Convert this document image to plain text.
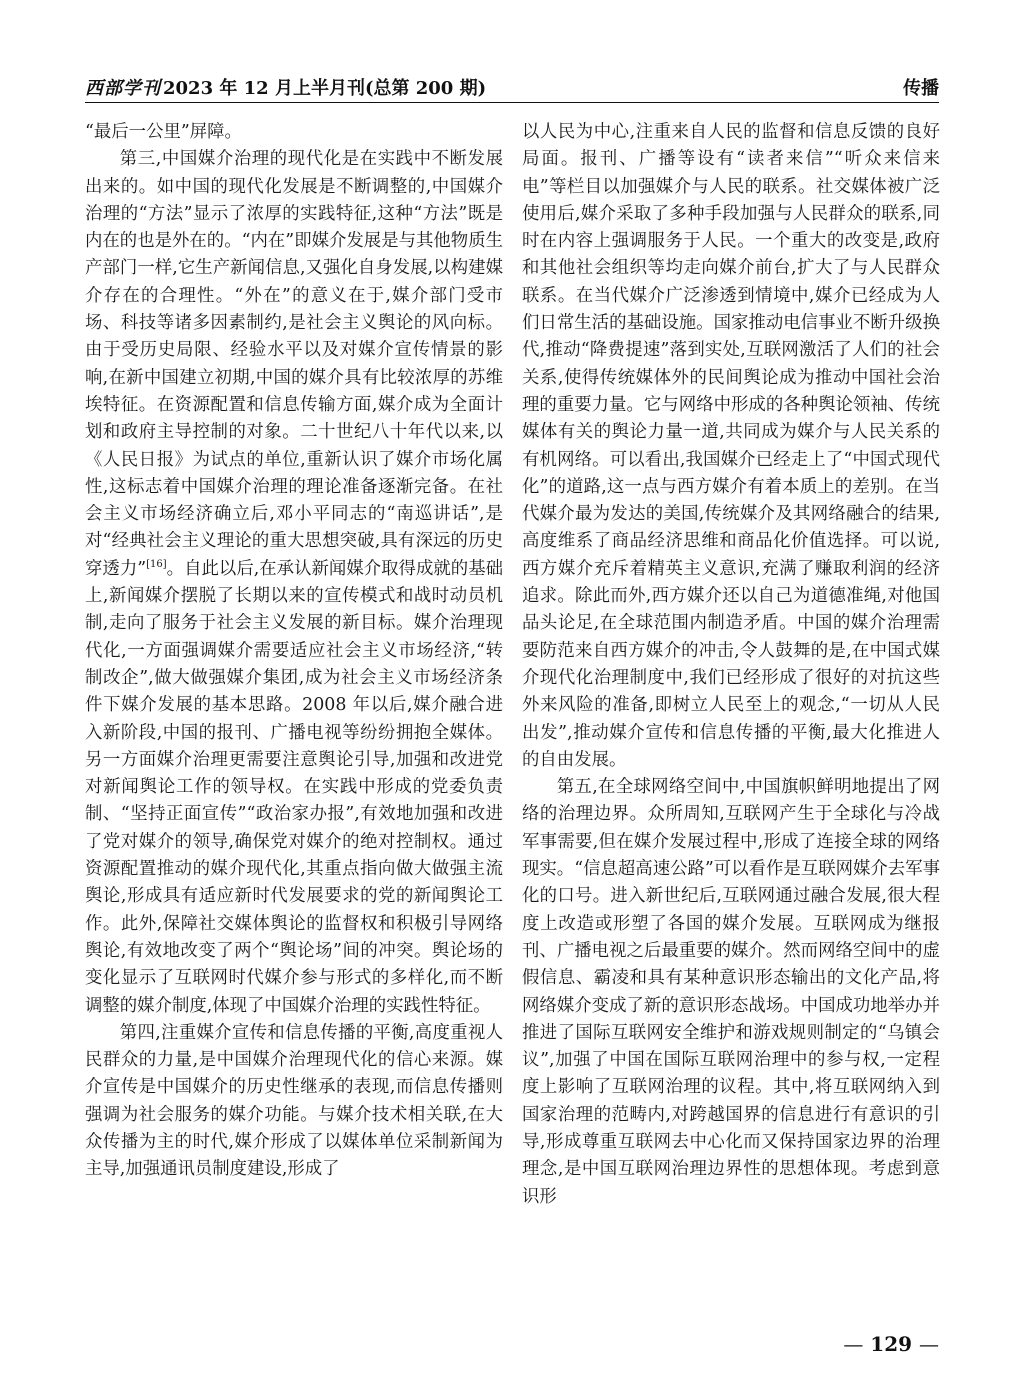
西部学刊 2023 年 12 月上半月刊(总第 200 期)	传播

“最后一公里”屏障。

第三,中国媒介治理的现代化是在实践中不断发展出来的。如中国的现代化发展是不断调整的,中国媒介治理的“方法”显示了浓厚的实践特征,这种“方法”既是内在的也是外在的。“内在”即媒介发展是与其他物质生产部门一样,它生产新闻信息,又强化自身发展,以构建媒介存在的合理性。“外在”的意义在于,媒介部门受市场、科技等诸多因素制约,是社会主义舆论的风向标。由于受历史局限、经验水平以及对媒介宣传情景的影响,在新中国建立初期,中国的媒介具有比较浓厚的苏维埃特征。在资源配置和信息传输方面,媒介成为全面计划和政府主导控制的对象。二十世纪八十年代以来,以《人民日报》为试点的单位,重新认识了媒介市场化属性,这标志着中国媒介治理的理论准备逐渐完备。在社会主义市场经济确立后,邓小平同志的“南巡讲话”,是对“经典社会主义理论的重大思想突破,具有深远的历史穿透力”[16]。自此以后,在承认新闻媒介取得成就的基础上,新闻媒介摆脱了长期以来的宣传模式和战时动员机制,走向了服务于社会主义发展的新目标。媒介治理现代化,一方面强调媒介需要适应社会主义市场经济,“转制改企”,做大做强媒介集团,成为社会主义市场经济条件下媒介发展的基本思路。2008 年以后,媒介融合进入新阶段,中国的报刊、广播电视等纷纷拥抱全媒体。另一方面媒介治理更需要注意舆论引导,加强和改进党对新闻舆论工作的领导权。在实践中形成的党委负责制、“坚持正面宣传”“政治家办报”,有效地加强和改进了党对媒介的领导,确保党对媒介的绝对控制权。通过资源配置推动的媒介现代化,其重点指向做大做强主流舆论,形成具有适应新时代发展要求的党的新闻舆论工作。此外,保障社交媒体舆论的监督权和积极引导网络舆论,有效地改变了两个“舆论场”间的冲突。舆论场的变化显示了互联网时代媒介参与形式的多样化,而不断调整的媒介制度,体现了中国媒介治理的实践性特征。

第四,注重媒介宣传和信息传播的平衡,高度重视人民群众的力量,是中国媒介治理现代化的信心来源。媒介宣传是中国媒介的历史性继承的表现,而信息传播则强调为社会服务的媒介功能。与媒介技术相关联,在大众传播为主的时代,媒介形成了以媒体单位采制新闻为主导,加强通讯员制度建设,形成了

以人民为中心,注重来自人民的监督和信息反馈的良好局面。报刊、广播等设有“读者来信”“听众来信来电”等栏目以加强媒介与人民的联系。社交媒体被广泛使用后,媒介采取了多种手段加强与人民群众的联系,同时在内容上强调服务于人民。一个重大的改变是,政府和其他社会组织等均走向媒介前台,扩大了与人民群众联系。在当代媒介广泛渗透到情境中,媒介已经成为人们日常生活的基础设施。国家推动电信事业不断升级换代,推动“降费提速”落到实处,互联网激活了人们的社会关系,使得传统媒体外的民间舆论成为推动中国社会治理的重要力量。它与网络中形成的各种舆论领袖、传统媒体有关的舆论力量一道,共同成为媒介与人民关系的有机网络。可以看出,我国媒介已经走上了“中国式现代化”的道路,这一点与西方媒介有着本质上的差别。在当代媒介最为发达的美国,传统媒介及其网络融合的结果,高度维系了商品经济思维和商品化价值选择。可以说,西方媒介充斥着精英主义意识,充满了赚取利润的经济追求。除此而外,西方媒介还以自己为道德准绳,对他国品头论足,在全球范围内制造矛盾。中国的媒介治理需要防范来自西方媒介的冲击,令人鼓舞的是,在中国式媒介现代化治理制度中,我们已经形成了很好的对抗这些外来风险的准备,即树立人民至上的观念,“一切从人民出发”,推动媒介宣传和信息传播的平衡,最大化推进人的自由发展。

第五,在全球网络空间中,中国旗帜鲜明地提出了网络的治理边界。众所周知,互联网产生于全球化与冷战军事需要,但在媒介发展过程中,形成了连接全球的网络现实。“信息超高速公路”可以看作是互联网媒介去军事化的口号。进入新世纪后,互联网通过融合发展,很大程度上改造或形塑了各国的媒介发展。互联网成为继报刊、广播电视之后最重要的媒介。然而网络空间中的虚假信息、霸凌和具有某种意识形态输出的文化产品,将网络媒介变成了新的意识形态战场。中国成功地举办并推进了国际互联网安全维护和游戏规则制定的“乌镇会议”,加强了中国在国际互联网治理中的参与权,一定程度上影响了互联网治理的议程。其中,将互联网纳入到国家治理的范畴内,对跨越国界的信息进行有意识的引导,形成尊重互联网去中心化而又保持国家边界的治理理念,是中国互联网治理边界性的思想体现。考虑到意识形

— 129 —
